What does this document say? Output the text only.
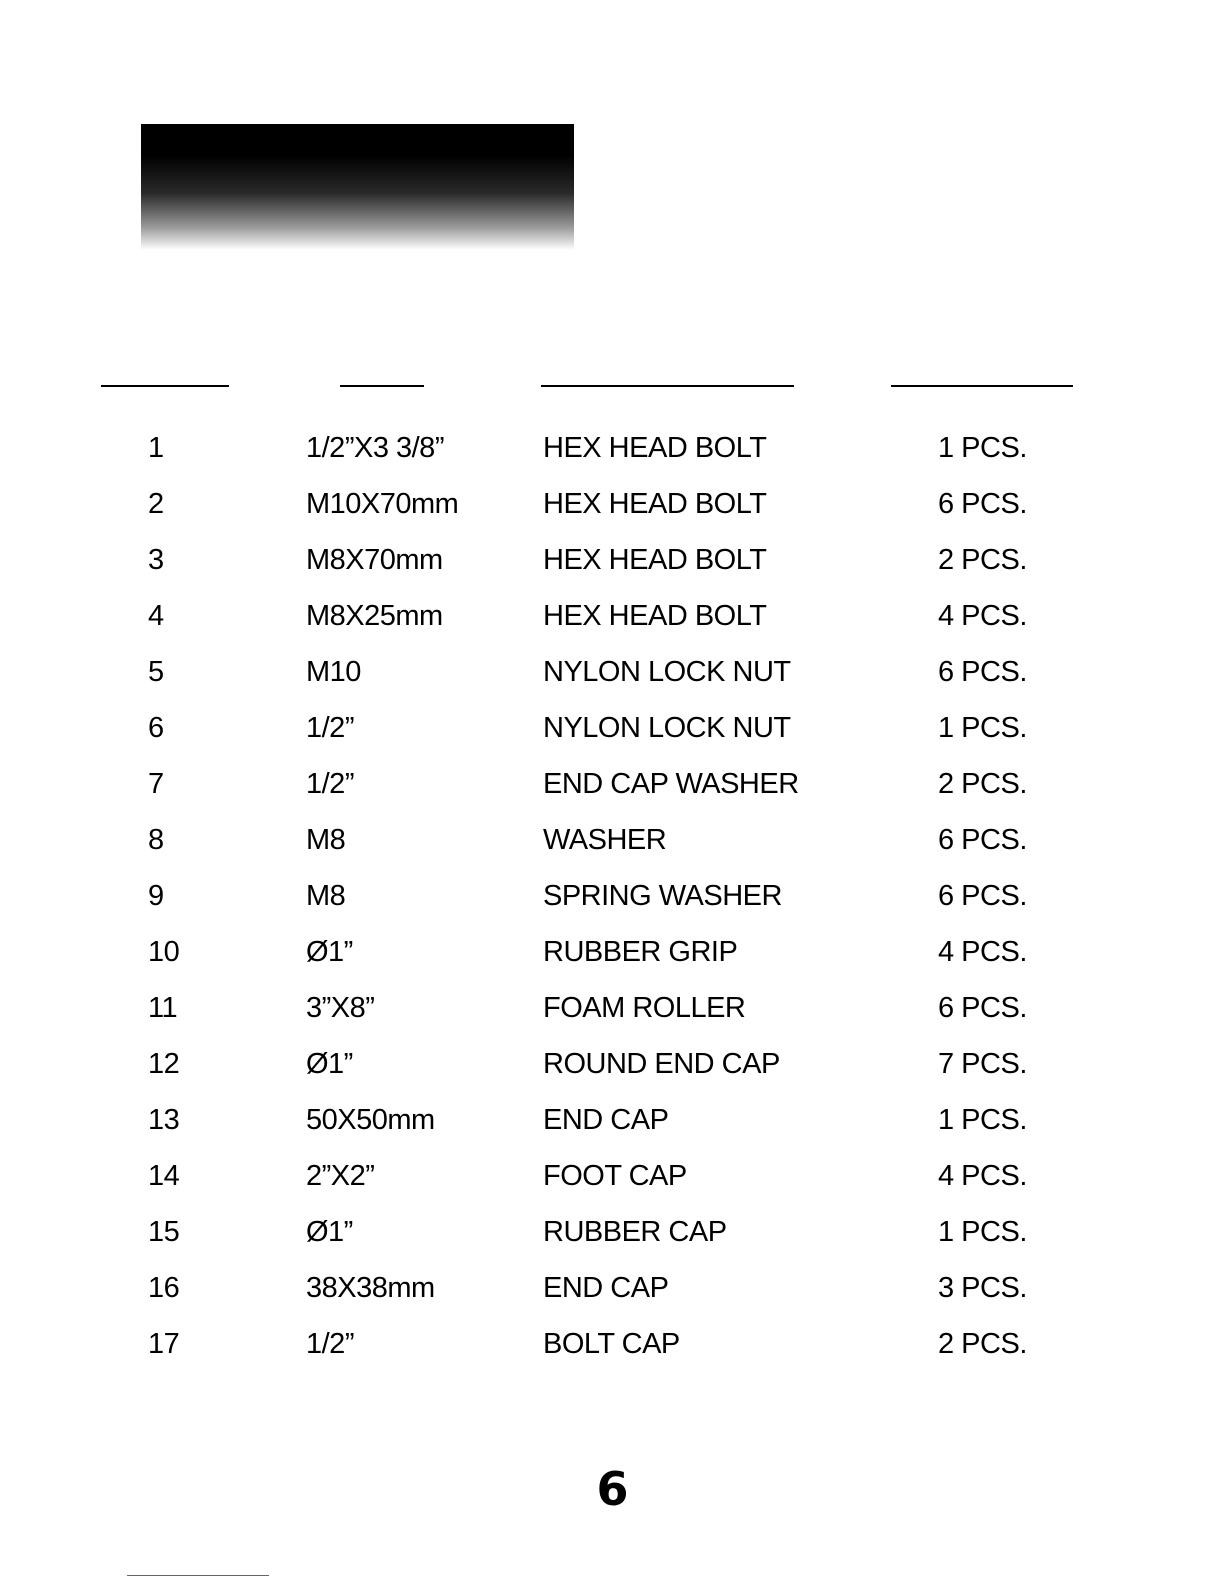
1	1/2”X3 3/8”	HEX HEAD BOLT	1 PCS.
2	M10X70mm	HEX HEAD BOLT	6 PCS.
3	M8X70mm	HEX HEAD BOLT	2 PCS.
4	M8X25mm	HEX HEAD BOLT	4 PCS.
5	M10	NYLON LOCK NUT	6 PCS.
6	1/2”	NYLON LOCK NUT	1 PCS.
7	1/2”	END CAP WASHER	2 PCS.
8	M8	WASHER	6 PCS.
9	M8	SPRING WASHER	6 PCS.
10	Ø1”	RUBBER GRIP	4 PCS.
11	3”X8”	FOAM ROLLER	6 PCS.
12	Ø1”	ROUND END CAP	7 PCS.
13	50X50mm	END CAP	1 PCS.
14	2”X2”	FOOT CAP	4 PCS.
15	Ø1”	RUBBER CAP	1 PCS.
16	38X38mm	END CAP	3 PCS.
17	1/2”	BOLT CAP	2 PCS.
6
